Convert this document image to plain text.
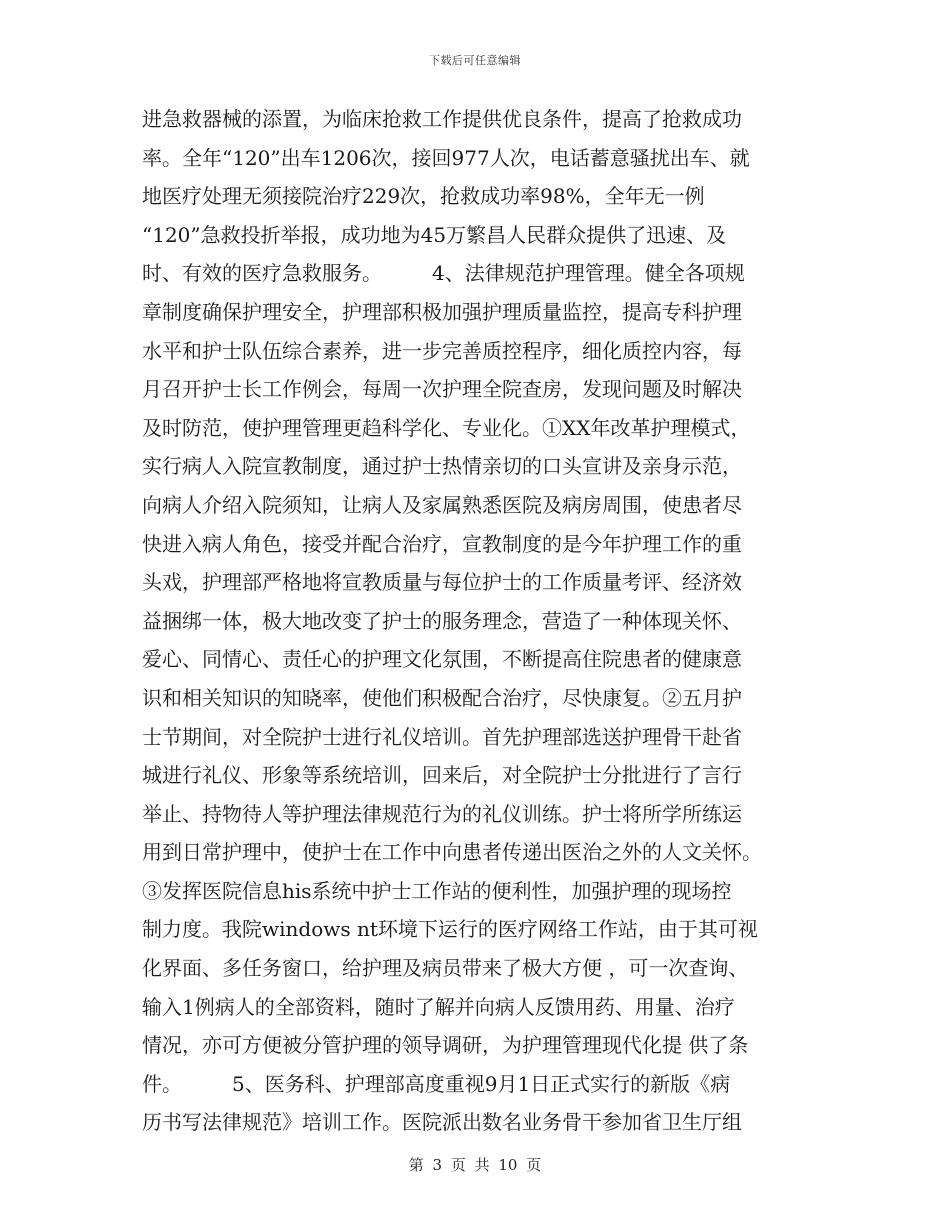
下载后可任意编辑
进急救器械的添置，为临床抢救工作提供优良条件，提高了抢救成功
率。全年“120”出车1206次，接回977人次，电话蓄意骚扰出车、就
地医疗处理无须接院治疗229次，抢救成功率98%，全年无一例
“120”急救投折举报，成功地为45万繁昌人民群众提供了迅速、及
时、有效的医疗急救服务。　　　4、法律规范护理管理。健全各项规
章制度确保护理安全，护理部积极加强护理质量监控，提高专科护理
水平和护士队伍综合素养，进一步完善质控程序，细化质控内容，每
月召开护士长工作例会，每周一次护理全院查房，发现问题及时解决
及时防范，使护理管理更趋科学化、专业化。①XX年改革护理模式，
实行病人入院宣教制度，通过护士热情亲切的口头宣讲及亲身示范，
向病人介绍入院须知，让病人及家属熟悉医院及病房周围，使患者尽
快进入病人角色，接受并配合治疗，宣教制度的是今年护理工作的重
头戏，护理部严格地将宣教质量与每位护士的工作质量考评、经济效
益捆绑一体，极大地改变了护士的服务理念，营造了一种体现关怀、
爱心、同情心、责任心的护理文化氛围，不断提高住院患者的健康意
识和相关知识的知晓率，使他们积极配合治疗，尽快康复。②五月护
士节期间，对全院护士进行礼仪培训。首先护理部选送护理骨干赴省
城进行礼仪、形象等系统培训，回来后，对全院护士分批进行了言行
举止、持物待人等护理法律规范行为的礼仪训练。护士将所学所练运
用到日常护理中，使护士在工作中向患者传递出医治之外的人文关怀。
③发挥医院信息his系统中护士工作站的便利性，加强护理的现场控
制力度。我院windows nt环境下运行的医疗网络工作站，由于其可视
化界面、多任务窗口，给护理及病员带来了极大方便 ，可一次查询、
输入1例病人的全部资料，随时了解并向病人反馈用药、用量、治疗
情况，亦可方便被分管护理的领导调研，为护理管理现代化提 供了条
件。　　　5、医务科、护理部高度重视9月1日正式实行的新版《病
历书写法律规范》培训工作。医院派出数名业务骨干参加省卫生厅组
第 3 页 共 10 页
